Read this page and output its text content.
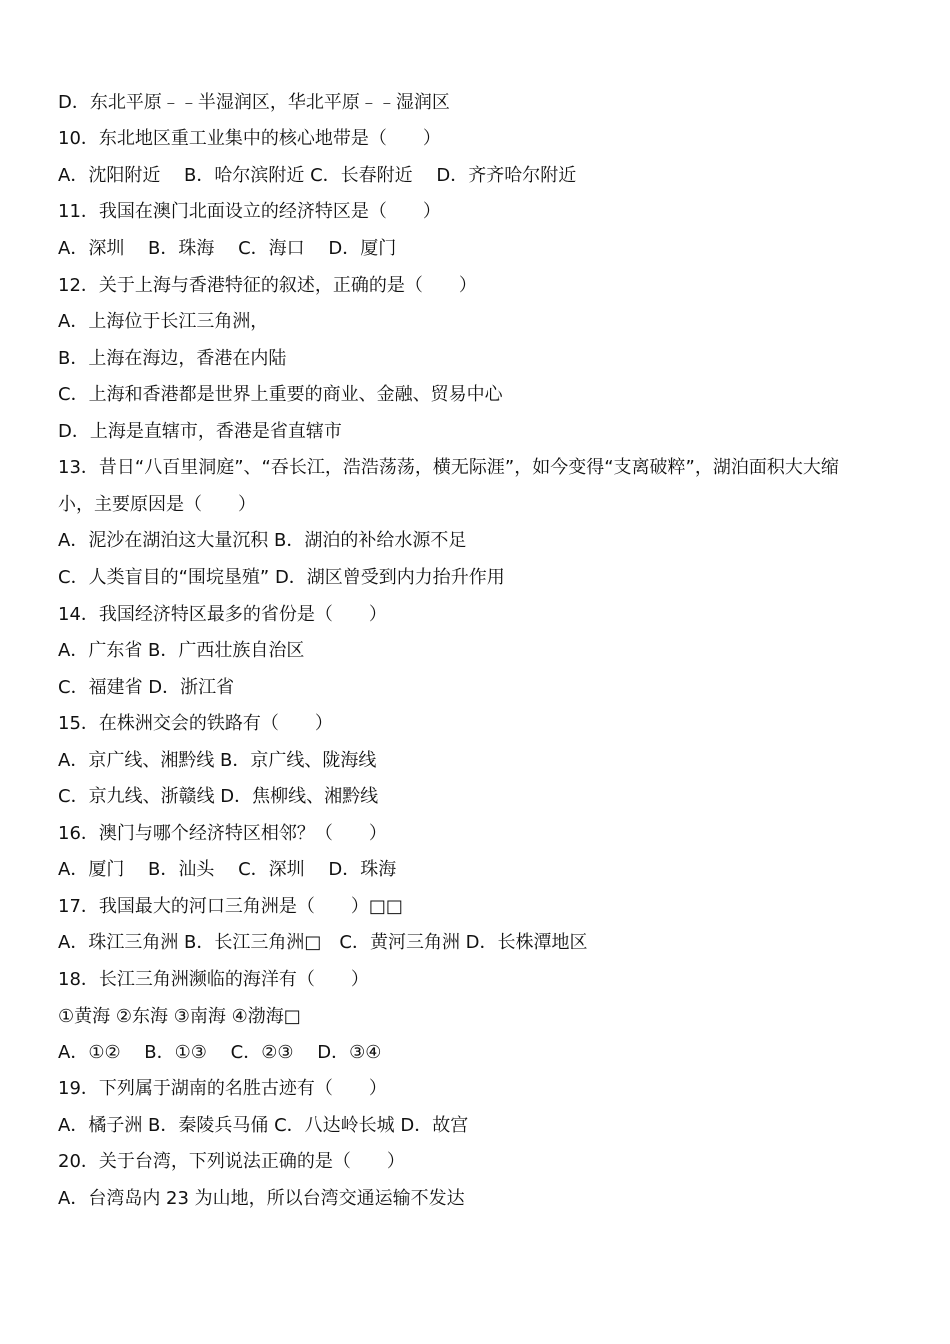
D．东北平原﹣﹣半湿润区，华北平原﹣﹣湿润区
10．东北地区重工业集中的核心地带是（　　）
A．沈阳附近　 B．哈尔滨附近 C．长春附近　 D．齐齐哈尔附近
11．我国在澳门北面设立的经济特区是（　　）
A．深圳　 B．珠海　 C．海口　 D．厦门
12．关于上海与香港特征的叙述，正确的是（　　）
A．上海位于长江三角洲，
B．上海在海边，香港在内陆
C．上海和香港都是世界上重要的商业、金融、贸易中心
D．上海是直辖市，香港是省直辖市
13．昔日“八百里洞庭”、“吞长江，浩浩荡荡，横无际涯”，如今变得“支离破粹”，湖泊面积大大缩
小，主要原因是（　　）
A．泥沙在湖泊这大量沉积 B．湖泊的补给水源不足
C．人类盲目的“围垸垦殖” D．湖区曾受到内力抬升作用
14．我国经济特区最多的省份是（　　）
A．广东省 B．广西壮族自治区
C．福建省 D．浙江省
15．在株洲交会的铁路有（　　）
A．京广线、湘黔线 B．京广线、陇海线
C．京九线、浙赣线 D．焦柳线、湘黔线
16．澳门与哪个经济特区相邻？（　　）
A．厦门　 B．汕头　 C．深圳　 D．珠海
17．我国最大的河口三角洲是（　　）□□
A．珠江三角洲 B．长江三角洲□　C．黄河三角洲 D．长株潭地区
18．长江三角洲濒临的海洋有（　　）
①黄海 ②东海 ③南海 ④渤海□
A．①②　 B．①③　 C．②③　 D．③④
19．下列属于湖南的名胜古迹有（　　）
A．橘子洲 B．秦陵兵马俑 C．八达岭长城 D．故宫
20．关于台湾，下列说法正确的是（　　）
A．台湾岛内 23 为山地，所以台湾交通运输不发达
